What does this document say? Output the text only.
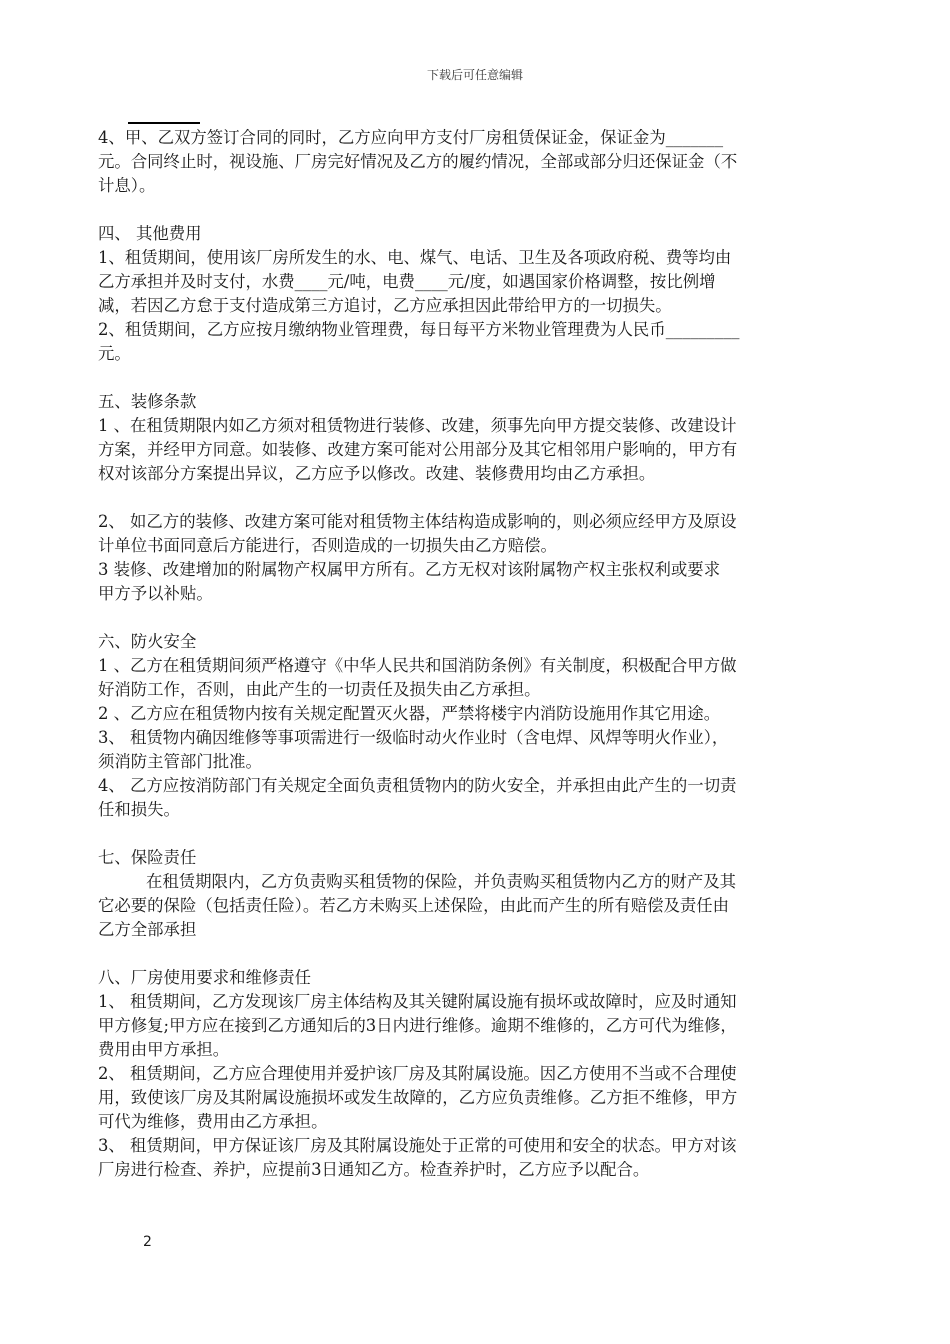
下载后可任意编辑
4、甲、乙双方签订合同的同时，乙方应向甲方支付厂房租赁保证金，保证金为_______
元。合同终止时，视设施、厂房完好情况及乙方的履约情况，全部或部分归还保证金（不
计息）。
四、 其他费用
1、租赁期间，使用该厂房所发生的水、电、煤气、电话、卫生及各项政府税、费等均由
乙方承担并及时支付，水费____元/吨，电费____元/度，如遇国家价格调整，按比例增
减，若因乙方怠于支付造成第三方追讨，乙方应承担因此带给甲方的一切损失。
2、租赁期间，乙方应按月缴纳物业管理费，每日每平方米物业管理费为人民币_________
元。
五、装修条款
1 、在租赁期限内如乙方须对租赁物进行装修、改建，须事先向甲方提交装修、改建设计
方案，并经甲方同意。如装修、改建方案可能对公用部分及其它相邻用户影响的，甲方有
权对该部分方案提出异议，乙方应予以修改。改建、装修费用均由乙方承担。
2、 如乙方的装修、改建方案可能对租赁物主体结构造成影响的，则必须应经甲方及原设
计单位书面同意后方能进行，否则造成的一切损失由乙方赔偿。
3 装修、改建增加的附属物产权属甲方所有。乙方无权对该附属物产权主张权利或要求
甲方予以补贴。
六、防火安全
1 、乙方在租赁期间须严格遵守《中华人民共和国消防条例》有关制度，积极配合甲方做
好消防工作，否则，由此产生的一切责任及损失由乙方承担。
2 、乙方应在租赁物内按有关规定配置灭火器，严禁将楼宇内消防设施用作其它用途。
3、 租赁物内确因维修等事项需进行一级临时动火作业时（含电焊、风焊等明火作业），
须消防主管部门批准。
4、 乙方应按消防部门有关规定全面负责租赁物内的防火安全，并承担由此产生的一切责
任和损失。
七、保险责任
在租赁期限内，乙方负责购买租赁物的保险，并负责购买租赁物内乙方的财产及其
它必要的保险（包括责任险）。若乙方未购买上述保险，由此而产生的所有赔偿及责任由
乙方全部承担
八、厂房使用要求和维修责任
1、 租赁期间，乙方发现该厂房主体结构及其关键附属设施有损坏或故障时，应及时通知
甲方修复;甲方应在接到乙方通知后的3日内进行维修。逾期不维修的，乙方可代为维修，
费用由甲方承担。
2、 租赁期间，乙方应合理使用并爱护该厂房及其附属设施。因乙方使用不当或不合理使
用，致使该厂房及其附属设施损坏或发生故障的，乙方应负责维修。乙方拒不维修，甲方
可代为维修，费用由乙方承担。
3、 租赁期间，甲方保证该厂房及其附属设施处于正常的可使用和安全的状态。甲方对该
厂房进行检查、养护，应提前3日通知乙方。检查养护时，乙方应予以配合。
2
